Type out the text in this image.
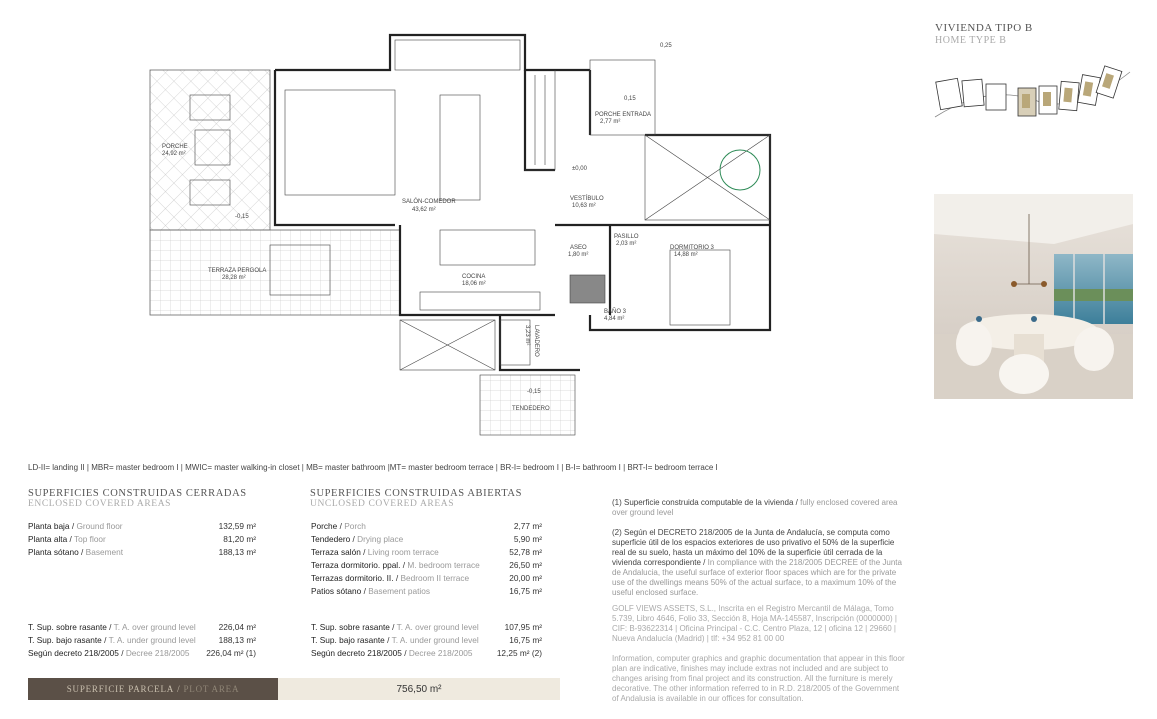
VIVIENDA TIPO B
HOME TYPE B
PORCHE
24,92 m²
TERRAZA PERGOLA
28,28 m²
SALÓN-COMEDOR
43,62 m²
COCINA
18,06 m²
VESTÍBULO
10,63 m²
PASILLO
2,03 m²
ASEO
1,80 m²
DORMITORIO 3
14,88 m²
BAÑO 3
4,84 m²
LAVADERO
3,23 m²
PORCHE ENTRADA
2,77 m²
TENDEDERO
0,25
-0,15
0,15
±0,00
-0,15
LD-II= landing II | MBR= master bedroom I | MWIC= master walking-in closet | MB= master bathroom |MT= master bedroom terrace | BR-I= bedroom I | B-I= bathroom I | BRT-I= bedroom terrace I
SUPERFICIES CONSTRUIDAS CERRADAS
ENCLOSED COVERED AREAS
Planta baja / Ground floor	132,59 m²
Planta alta / Top floor	81,20 m²
Planta sótano / Basement	188,13 m²
T. Sup. sobre rasante / T. A. over ground level	226,04 m²
T. Sup. bajo rasante / T. A. under ground level	188,13 m²
Según decreto 218/2005 / Decree 218/2005 226,04 m² (1)
SUPERFICIES CONSTRUIDAS ABIERTAS
UNCLOSED COVERED AREAS
Porche / Porch	2,77 m²
Tendedero / Drying place	5,90 m²
Terraza salón / Living room terrace	52,78 m²
Terraza dormitorio. ppal. / M. bedroom terrace	26,50 m²
Terrazas dormitorio. II. / Bedroom II terrace	20,00 m²
Patios sótano / Basement patios	16,75 m²
T. Sup. sobre rasante / T. A. over ground level	107,95 m²
T. Sup. bajo rasante / T. A. under ground level	16,75 m²
Según decreto 218/2005 / Decree 218/2005	12,25 m² (2)
(1) Superficie construida computable de la vivienda / fully enclosed covered area over ground level
(2) Según el DECRETO 218/2005 de la Junta de Andalucía, se computa como superficie útil de los espacios exteriores de uso privativo el 50% de la superficie real de su suelo, hasta un máximo del 10% de la superficie útil cerrada de la vivienda correspondiente / In compliance with the 218/2005 DECREE of the Junta de Andalucia, the useful surface of exterior floor spaces which are for the private use of the dwellings means 50% of the actual surface, to a maximum 10% of the useful enclosed surface.
GOLF VIEWS ASSETS, S.L., Inscrita en el Registro Mercantil de Málaga, Tomo 5.739, Libro 4646, Folio 33, Sección 8, Hoja MA-145587, Inscripción (0000000) | CIF: B-93622314 | Oficina Principal - C.C. Centro Plaza, 12 | oficina 12 | 29660 | Nueva Andalucía (Madrid) | tlf: +34 952 81 00 00
Information, computer graphics and graphic documentation that appear in this floor plan are indicative, finishes may include extras not included and are subject to changes arising from final project and its construction. All the furniture is merely decorative. The other information referred to in R.D. 218/2005 of the Government of Andalusia is available in our offices for consultation.
SUPERFICIE PARCELA / PLOT AREA	756,50 m²
